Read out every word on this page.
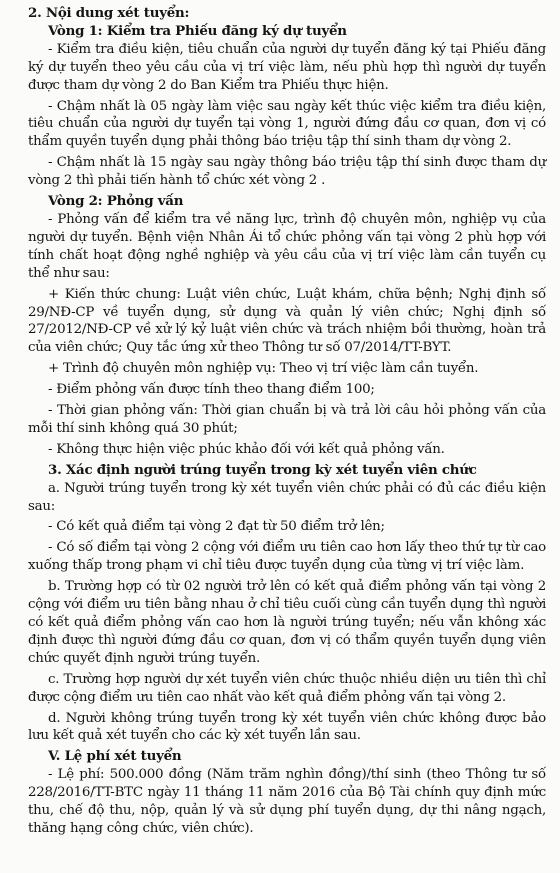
2. Nội dung xét tuyển:

Vòng 1: Kiểm tra Phiếu đăng ký dự tuyển

- Kiểm tra điều kiện, tiêu chuẩn của người dự tuyển đăng ký tại Phiếu đăng ký dự tuyển theo yêu cầu của vị trí việc làm, nếu phù hợp thì người dự tuyển được tham dự vòng 2 do Ban Kiểm tra Phiếu thực hiện.

- Chậm nhất là 05 ngày làm việc sau ngày kết thúc việc kiểm tra điều kiện, tiêu chuẩn của người dự tuyển tại vòng 1, người đứng đầu cơ quan, đơn vị có thẩm quyền tuyển dụng phải thông báo triệu tập thí sinh tham dự vòng 2.

- Chậm nhất là 15 ngày sau ngày thông báo triệu tập thí sinh được tham dự vòng 2 thì phải tiến hành tổ chức xét vòng 2 .

Vòng 2: Phỏng vấn

- Phỏng vấn để kiểm tra về năng lực, trình độ chuyên môn, nghiệp vụ của người dự tuyển. Bệnh viện Nhân Ái tổ chức phỏng vấn tại vòng 2 phù hợp với tính chất hoạt động nghề nghiệp và yêu cầu của vị trí việc làm cần tuyển cụ thể như sau:

+ Kiến thức chung: Luật viên chức, Luật khám, chữa bệnh; Nghị định số 29/NĐ-CP về tuyển dụng, sử dụng và quản lý viên chức; Nghị định số 27/2012/NĐ-CP về xử lý kỷ luật viên chức và trách nhiệm bồi thường, hoàn trả của viên chức; Quy tắc ứng xử theo Thông tư số 07/2014/TT-BYT.

+ Trình độ chuyên môn nghiệp vụ: Theo vị trí việc làm cần tuyển.

- Điểm phỏng vấn được tính theo thang điểm 100;

- Thời gian phỏng vấn: Thời gian chuẩn bị và trả lời câu hỏi phỏng vấn của mỗi thí sinh không quá 30 phút;

- Không thực hiện việc phúc khảo đối với kết quả phỏng vấn.

3. Xác định người trúng tuyển trong kỳ xét tuyển viên chức

a. Người trúng tuyển trong kỳ xét tuyển viên chức phải có đủ các điều kiện sau:

- Có kết quả điểm tại vòng 2 đạt từ 50 điểm trở lên;

- Có số điểm tại vòng 2 cộng với điểm ưu tiên cao hơn lấy theo thứ tự từ cao xuống thấp trong phạm vi chỉ tiêu được tuyển dụng của từng vị trí việc làm.

b. Trường hợp có từ 02 người trở lên có kết quả điểm phỏng vấn tại vòng 2 cộng với điểm ưu tiên bằng nhau ở chỉ tiêu cuối cùng cần tuyển dụng thì người có kết quả điểm phỏng vấn cao hơn là người trúng tuyển; nếu vẫn không xác định được thì người đứng đầu cơ quan, đơn vị có thẩm quyền tuyển dụng viên chức quyết định người trúng tuyển.

c. Trường hợp người dự xét tuyển viên chức thuộc nhiều diện ưu tiên thì chỉ được cộng điểm ưu tiên cao nhất vào kết quả điểm phỏng vấn tại vòng 2.

d. Người không trúng tuyển trong kỳ xét tuyển viên chức không được bảo lưu kết quả xét tuyển cho các kỳ xét tuyển lần sau.

V. Lệ phí xét tuyển

- Lệ phí: 500.000 đồng (Năm trăm nghìn đồng)/thí sinh (theo Thông tư số 228/2016/TT-BTC ngày 11 tháng 11 năm 2016 của Bộ Tài chính quy định mức thu, chế độ thu, nộp, quản lý và sử dụng phí tuyển dụng, dự thi nâng ngạch, thăng hạng công chức, viên chức).
